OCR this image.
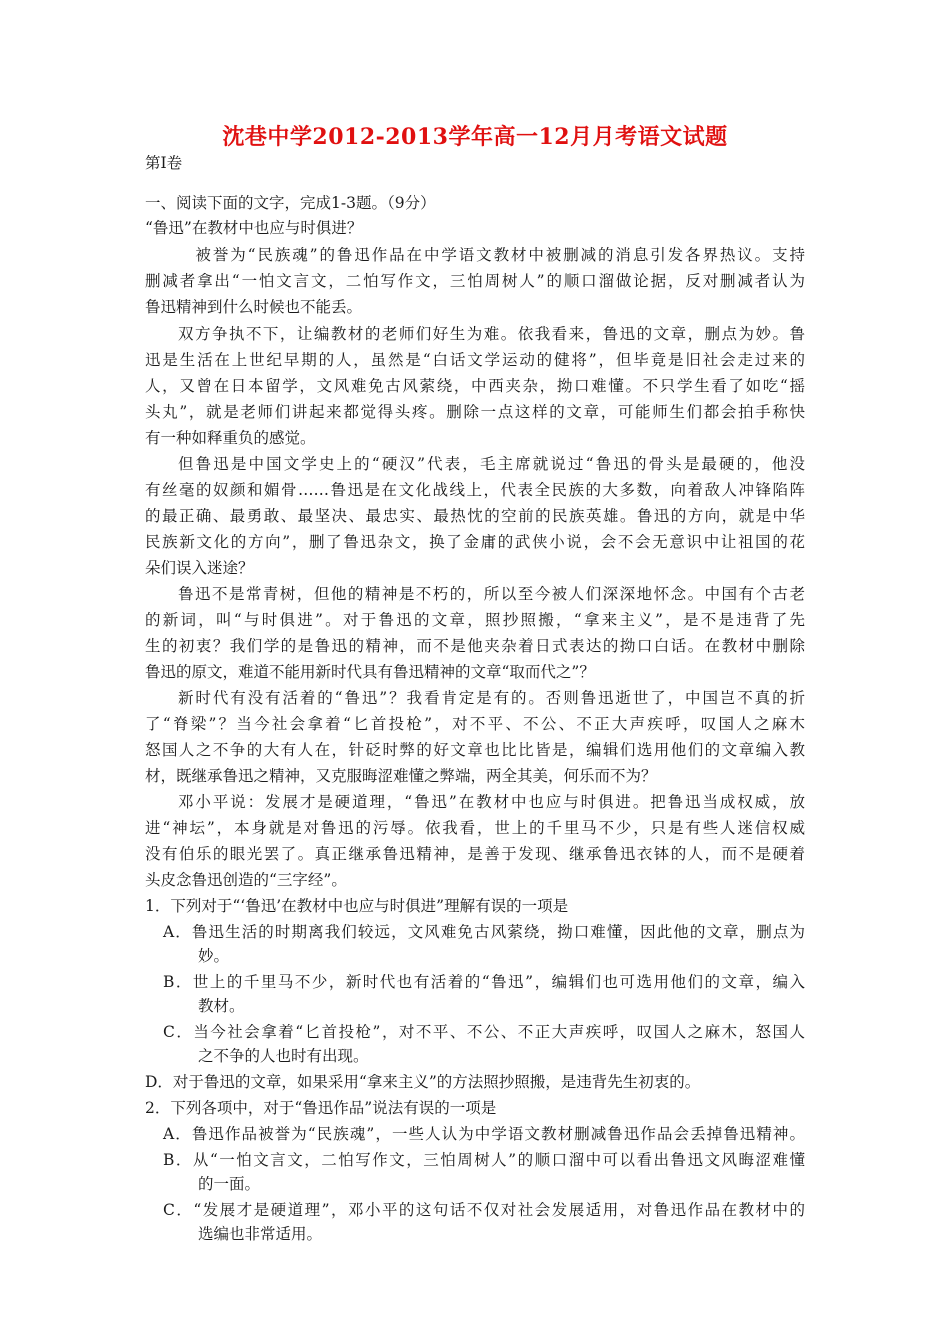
沈巷中学2012-2013学年高一12月月考语文试题
第Ⅰ卷
一、阅读下面的文字，完成1-3题。（9分）
“鲁迅”在教材中也应与时俱进？
　被誉为“民族魂”的鲁迅作品在中学语文教材中被删减的消息引发各界热议。支持
删减者拿出“一怕文言文，二怕写作文，三怕周树人”的顺口溜做论据，反对删减者认为
鲁迅精神到什么时候也不能丢。
双方争执不下，让编教材的老师们好生为难。依我看来，鲁迅的文章，删点为妙。鲁
迅是生活在上世纪早期的人，虽然是“白话文学运动的健将”，但毕竟是旧社会走过来的
人，又曾在日本留学，文风难免古风萦绕，中西夹杂，拗口难懂。不只学生看了如吃“摇
头丸”，就是老师们讲起来都觉得头疼。删除一点这样的文章，可能师生们都会拍手称快
有一种如释重负的感觉。
但鲁迅是中国文学史上的“硬汉”代表，毛主席就说过“鲁迅的骨头是最硬的，他没
有丝毫的奴颜和媚骨……鲁迅是在文化战线上，代表全民族的大多数，向着敌人冲锋陷阵
的最正确、最勇敢、最坚决、最忠实、最热忱的空前的民族英雄。鲁迅的方向，就是中华
民族新文化的方向”，删了鲁迅杂文，换了金庸的武侠小说，会不会无意识中让祖国的花
朵们误入迷途？
鲁迅不是常青树，但他的精神是不朽的，所以至今被人们深深地怀念。中国有个古老
的新词，叫“与时俱进”。对于鲁迅的文章，照抄照搬，“拿来主义”，是不是违背了先
生的初衷？我们学的是鲁迅的精神，而不是他夹杂着日式表达的拗口白话。在教材中删除
鲁迅的原文，难道不能用新时代具有鲁迅精神的文章“取而代之”？
新时代有没有活着的“鲁迅”？我看肯定是有的。否则鲁迅逝世了，中国岂不真的折
了“脊梁”？当今社会拿着“匕首投枪”，对不平、不公、不正大声疾呼，叹国人之麻木
怒国人之不争的大有人在，针砭时弊的好文章也比比皆是，编辑们选用他们的文章编入教
材，既继承鲁迅之精神，又克服晦涩难懂之弊端，两全其美，何乐而不为？
邓小平说：发展才是硬道理，“鲁迅”在教材中也应与时俱进。把鲁迅当成权威，放
进“神坛”，本身就是对鲁迅的污辱。依我看，世上的千里马不少，只是有些人迷信权威
没有伯乐的眼光罢了。真正继承鲁迅精神，是善于发现、继承鲁迅衣钵的人，而不是硬着
头皮念鲁迅创造的“三字经”。
1．下列对于“‘鲁迅’在教材中也应与时俱进”理解有误的一项是
A．鲁迅生活的时期离我们较远，文风难免古风萦绕，拗口难懂，因此他的文章，删点为
妙。
B．世上的千里马不少，新时代也有活着的“鲁迅”，编辑们也可选用他们的文章，编入
教材。
C．当今社会拿着“匕首投枪”，对不平、不公、不正大声疾呼，叹国人之麻木，怒国人
之不争的人也时有出现。
D．对于鲁迅的文章，如果采用“拿来主义”的方法照抄照搬，是违背先生初衷的。
2．下列各项中，对于“鲁迅作品”说法有误的一项是
A．鲁迅作品被誉为“民族魂”，一些人认为中学语文教材删减鲁迅作品会丢掉鲁迅精神。
B．从“一怕文言文，二怕写作文，三怕周树人”的顺口溜中可以看出鲁迅文风晦涩难懂
的一面。
C．“发展才是硬道理”，邓小平的这句话不仅对社会发展适用，对鲁迅作品在教材中的
选编也非常适用。
